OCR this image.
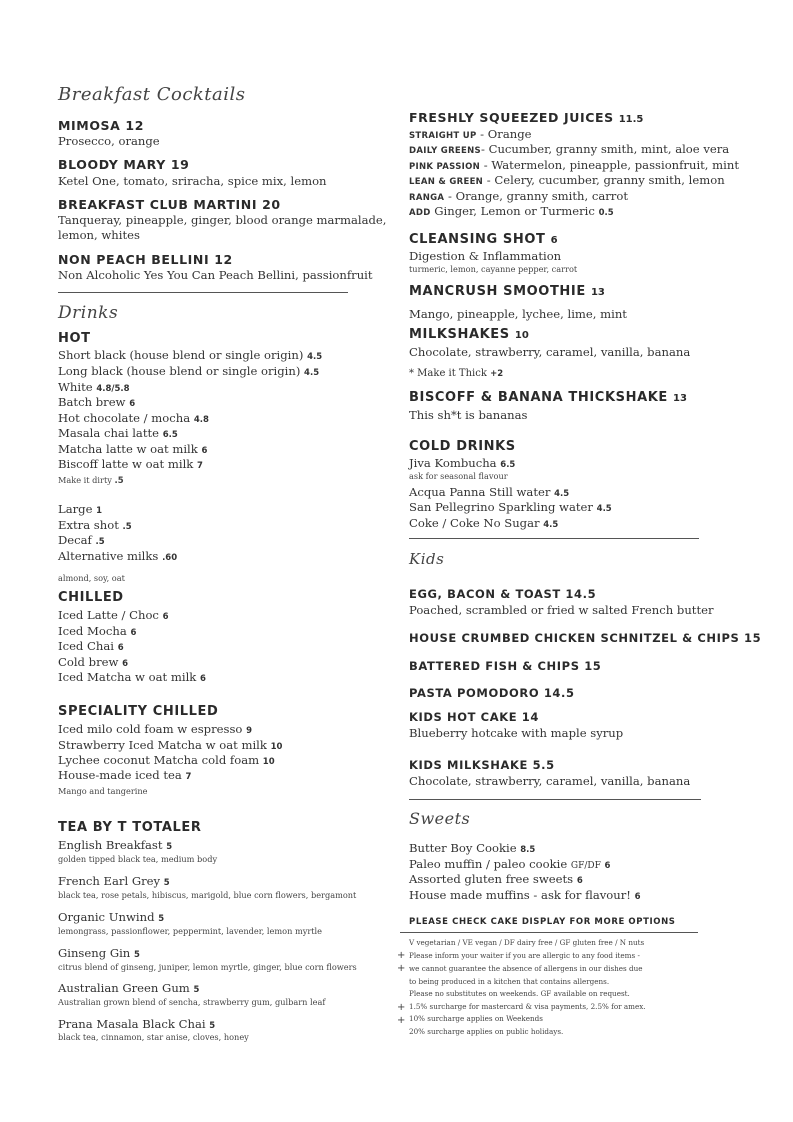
Breakfast Cocktails
MIMOSA 12
Prosecco, orange
BLOODY MARY 19
Ketel One, tomato, sriracha, spice mix, lemon
BREAKFAST CLUB MARTINI 20
Tanqueray, pineapple, ginger, blood orange marmalade,
lemon, whites
NON PEACH BELLINI 12
Non Alcoholic Yes You Can Peach Bellini, passionfruit
Drinks
HOT
Short black (house blend or single origin) 4.5
Long black (house blend or single origin) 4.5
White 4.8/5.8
Batch brew 6
Hot chocolate / mocha 4.8
Masala chai latte 6.5
Matcha latte w oat milk 6
Biscoff latte w oat milk 7
Make it dirty .5
Large 1
Extra shot .5
Decaf .5
Alternative milks .60
almond, soy, oat
CHILLED
Iced Latte / Choc 6
Iced Mocha 6
Iced Chai 6
Cold brew 6
Iced Matcha w oat milk 6
SPECIALITY CHILLED
Iced milo cold foam w espresso 9
Strawberry Iced Matcha w oat milk 10
Lychee coconut Matcha cold foam 10
House-made iced tea 7
Mango and tangerine
TEA BY T TOTALER
English Breakfast 5
golden tipped black tea, medium body
French Earl Grey 5
black tea, rose petals, hibiscus, marigold, blue corn flowers, bergamont
Organic Unwind 5
lemongrass, passionflower, peppermint, lavender, lemon myrtle
Ginseng Gin 5
citrus blend of ginseng, juniper, lemon myrtle, ginger, blue corn flowers
Australian Green Gum 5
Australian grown blend of sencha, strawberry gum, gulbarn leaf
Prana Masala Black Chai 5
black tea, cinnamon, star anise, cloves, honey
FRESHLY SQUEEZED JUICES 11.5
STRAIGHT UP - Orange
DAILY GREENS- Cucumber, granny smith, mint, aloe vera
PINK PASSION - Watermelon, pineapple, passionfruit, mint
LEAN & GREEN - Celery, cucumber, granny smith, lemon
RANGA - Orange, granny smith, carrot
ADD Ginger, Lemon or Turmeric 0.5
CLEANSING SHOT 6
Digestion & Inflammation
turmeric, lemon, cayanne pepper, carrot
MANCRUSH SMOOTHIE 13
Mango, pineapple, lychee, lime, mint
MILKSHAKES 10
Chocolate, strawberry, caramel, vanilla, banana
* Make it Thick +2
BISCOFF & BANANA THICKSHAKE 13
This sh*t is bananas
COLD DRINKS
Jiva Kombucha 6.5
ask for seasonal flavour
Acqua Panna Still water 4.5
San Pellegrino Sparkling water 4.5
Coke / Coke No Sugar 4.5
Kids
EGG, BACON & TOAST 14.5
Poached, scrambled or fried w salted French butter
HOUSE CRUMBED CHICKEN SCHNITZEL & CHIPS 15
BATTERED FISH & CHIPS 15
PASTA POMODORO 14.5
KIDS HOT CAKE 14
Blueberry hotcake with maple syrup
KIDS MILKSHAKE 5.5
Chocolate, strawberry, caramel, vanilla, banana
Sweets
Butter Boy Cookie 8.5
Paleo muffin / paleo cookie GF/DF 6
Assorted gluten free sweets 6
House made muffins - ask for flavour! 6
PLEASE CHECK CAKE DISPLAY FOR MORE OPTIONS
V vegetarian / VE vegan / DF dairy free / GF gluten free / N nuts
+ Please inform your waiter if you are allergic to any food items -
+ we cannot guarantee the absence of allergens in our dishes due
to being produced in a kitchen that contains allergens.
Please no substitutes on weekends. GF available on request.
+ 1.5% surcharge for mastercard & visa payments, 2.5% for amex.
+ 10% surcharge applies on Weekends
20% surcharge applies on public holidays.
